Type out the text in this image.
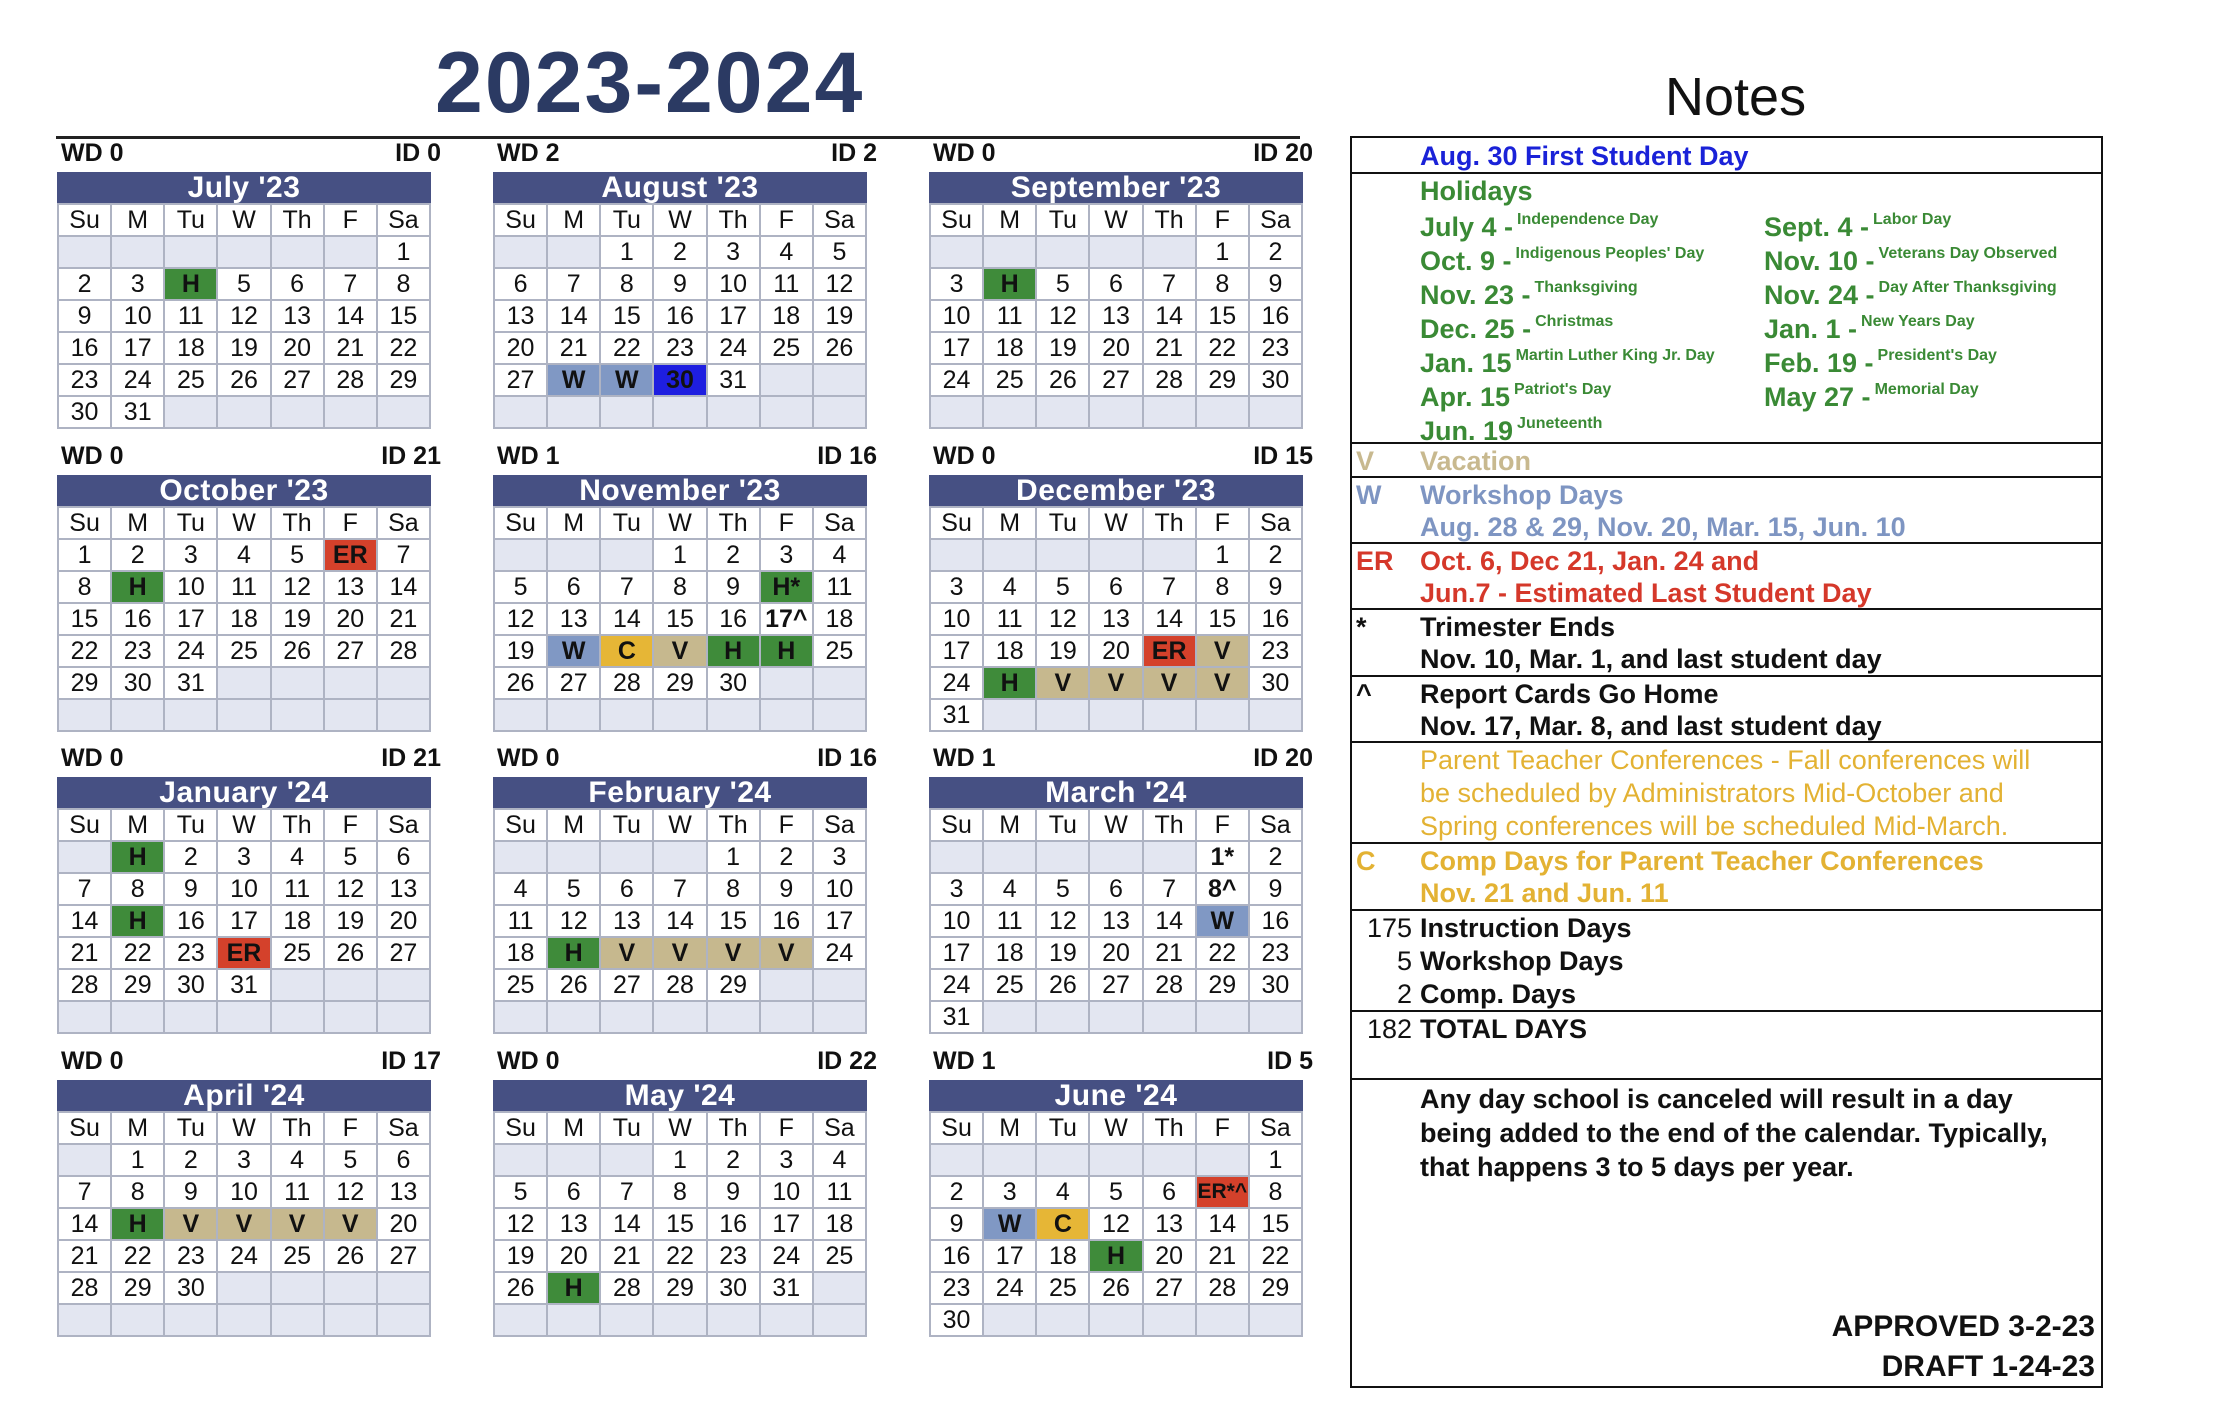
2023-2024	Notes
WD 0	ID 0
July '23
Su	M	Tu	W	Th	F	Sa
						1
2	3	H	5	6	7	8
9	10	11	12	13	14	15
16	17	18	19	20	21	22
23	24	25	26	27	28	29
30	31					
WD 2	ID 2
August '23
Su	M	Tu	W	Th	F	Sa
		1	2	3	4	5
6	7	8	9	10	11	12
13	14	15	16	17	18	19
20	21	22	23	24	25	26
27	W	W	30	31		

WD 0	ID 20
September '23
Su	M	Tu	W	Th	F	Sa
					1	2
3	H	5	6	7	8	9
10	11	12	13	14	15	16
17	18	19	20	21	22	23
24	25	26	27	28	29	30

WD 0	ID 21
October '23
Su	M	Tu	W	Th	F	Sa
1	2	3	4	5	ER	7
8	H	10	11	12	13	14
15	16	17	18	19	20	21
22	23	24	25	26	27	28
29	30	31				

WD 1	ID 16
November '23
Su	M	Tu	W	Th	F	Sa
			1	2	3	4
5	6	7	8	9	H*	11
12	13	14	15	16	17^	18
19	W	C	V	H	H	25
26	27	28	29	30		

WD 0	ID 15
December '23
Su	M	Tu	W	Th	F	Sa
					1	2
3	4	5	6	7	8	9
10	11	12	13	14	15	16
17	18	19	20	ER	V	23
24	H	V	V	V	V	30
31						
WD 0	ID 21
January '24
Su	M	Tu	W	Th	F	Sa
	H	2	3	4	5	6
7	8	9	10	11	12	13
14	H	16	17	18	19	20
21	22	23	ER	25	26	27
28	29	30	31			

WD 0	ID 16
February '24
Su	M	Tu	W	Th	F	Sa
				1	2	3
4	5	6	7	8	9	10
11	12	13	14	15	16	17
18	H	V	V	V	V	24
25	26	27	28	29		

WD 1	ID 20
March '24
Su	M	Tu	W	Th	F	Sa
					1*	2
3	4	5	6	7	8^	9
10	11	12	13	14	W	16
17	18	19	20	21	22	23
24	25	26	27	28	29	30
31						
WD 0	ID 17
April '24
Su	M	Tu	W	Th	F	Sa
	1	2	3	4	5	6
7	8	9	10	11	12	13
14	H	V	V	V	V	20
21	22	23	24	25	26	27
28	29	30				

WD 0	ID 22
May '24
Su	M	Tu	W	Th	F	Sa
			1	2	3	4
5	6	7	8	9	10	11
12	13	14	15	16	17	18
19	20	21	22	23	24	25
26	H	28	29	30	31	

WD 1	ID 5
June '24
Su	M	Tu	W	Th	F	Sa
						1
2	3	4	5	6	ER*^	8
9	W	C	12	13	14	15
16	17	18	H	20	21	22
23	24	25	26	27	28	29
30						
Aug. 30 First Student Day
Holidays
July 4 - $^{Independence Day}$
Oct. 9 - $^{Indigenous Peoples' Day}$
Nov. 23 - $^{Thanksgiving}$
Dec. 25 - $^{Christmas}$
Jan. 15 $^{Martin Luther King Jr. Day}$
Apr. 15 $^{Patriot's Day}$
Jun. 19 $^{Juneteenth}$
Sept. 4 - $^{Labor Day}$
Nov. 10 - $^{Veterans Day Observed}$
Nov. 24 - $^{Day After Thanksgiving}$
Jan. 1 - $^{New Years Day}$
Feb. 19 - $^{President's Day}$
May 27 - $^{Memorial Day}$
V Vacation
W Workshop Days
Aug. 28 & 29, Nov. 20, Mar. 15, Jun. 10
ER Oct. 6, Dec 21, Jan. 24 and
Jun.7 - Estimated Last Student Day
* Trimester Ends
Nov. 10, Mar. 1, and last student day
^ Report Cards Go Home
Nov. 17, Mar. 8, and last student day
Parent Teacher Conferences - Fall conferences will
be scheduled by Administrators Mid-October and
Spring conferences will be scheduled Mid-March.
C Comp Days for Parent Teacher Conferences
Nov. 21 and Jun. 11
175 Instruction Days
5 Workshop Days
2 Comp. Days
182 TOTAL DAYS
Any day school is canceled will result in a day
being added to the end of the calendar. Typically,
that happens 3 to 5 days per year.
APPROVED 3-2-23
DRAFT 1-24-23
